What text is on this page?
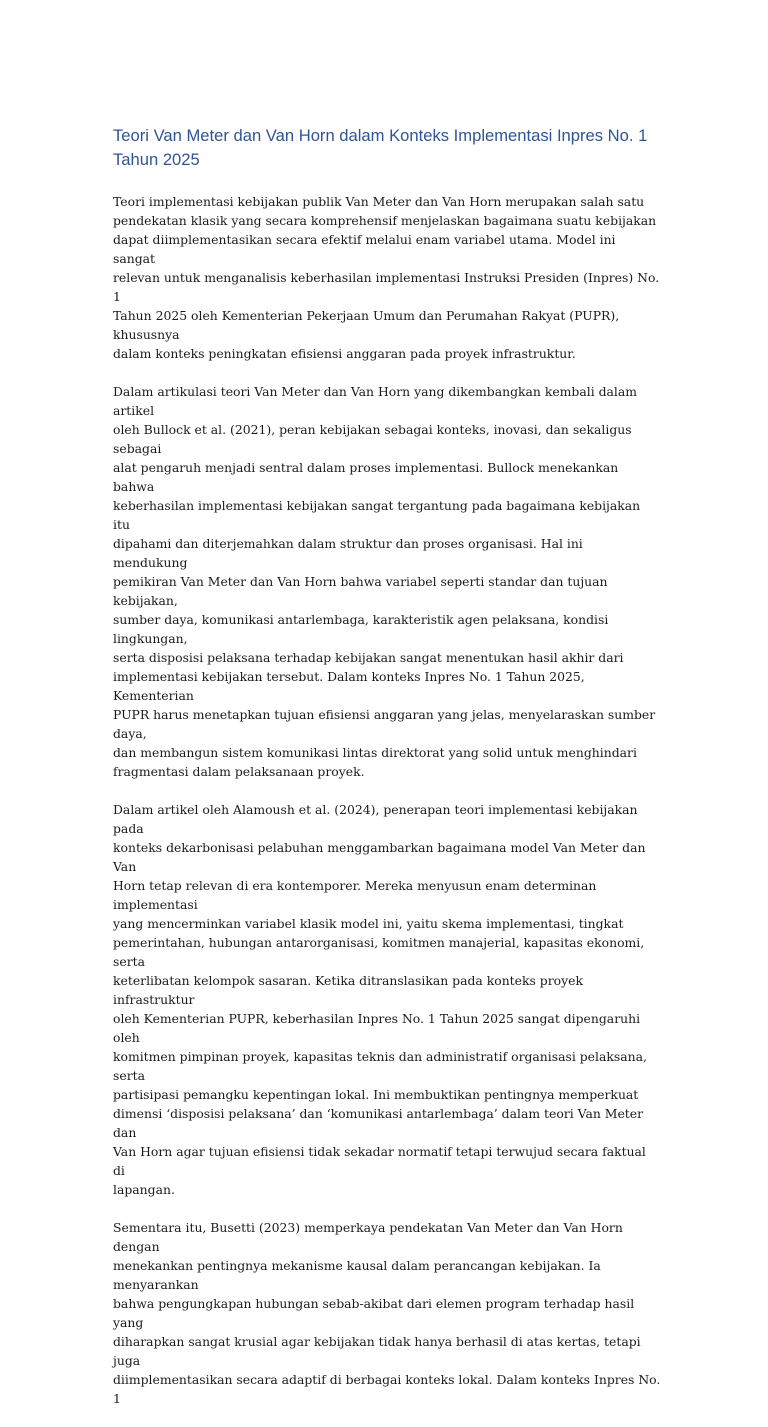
Teori Van Meter dan Van Horn dalam Konteks Implementasi Inpres No. 1 Tahun 2025

Teori implementasi kebijakan publik Van Meter dan Van Horn merupakan salah satu
pendekatan klasik yang secara komprehensif menjelaskan bagaimana suatu kebijakan
dapat diimplementasikan secara efektif melalui enam variabel utama. Model ini sangat
relevan untuk menganalisis keberhasilan implementasi Instruksi Presiden (Inpres) No. 1
Tahun 2025 oleh Kementerian Pekerjaan Umum dan Perumahan Rakyat (PUPR), khususnya
dalam konteks peningkatan efisiensi anggaran pada proyek infrastruktur.

Dalam artikulasi teori Van Meter dan Van Horn yang dikembangkan kembali dalam artikel
oleh Bullock et al. (2021), peran kebijakan sebagai konteks, inovasi, dan sekaligus sebagai
alat pengaruh menjadi sentral dalam proses implementasi. Bullock menekankan bahwa
keberhasilan implementasi kebijakan sangat tergantung pada bagaimana kebijakan itu
dipahami dan diterjemahkan dalam struktur dan proses organisasi. Hal ini mendukung
pemikiran Van Meter dan Van Horn bahwa variabel seperti standar dan tujuan kebijakan,
sumber daya, komunikasi antarlembaga, karakteristik agen pelaksana, kondisi lingkungan,
serta disposisi pelaksana terhadap kebijakan sangat menentukan hasil akhir dari
implementasi kebijakan tersebut. Dalam konteks Inpres No. 1 Tahun 2025, Kementerian
PUPR harus menetapkan tujuan efisiensi anggaran yang jelas, menyelaraskan sumber daya,
dan membangun sistem komunikasi lintas direktorat yang solid untuk menghindari
fragmentasi dalam pelaksanaan proyek.

Dalam artikel oleh Alamoush et al. (2024), penerapan teori implementasi kebijakan pada
konteks dekarbonisasi pelabuhan menggambarkan bagaimana model Van Meter dan Van
Horn tetap relevan di era kontemporer. Mereka menyusun enam determinan implementasi
yang mencerminkan variabel klasik model ini, yaitu skema implementasi, tingkat
pemerintahan, hubungan antarorganisasi, komitmen manajerial, kapasitas ekonomi, serta
keterlibatan kelompok sasaran. Ketika ditranslasikan pada konteks proyek infrastruktur
oleh Kementerian PUPR, keberhasilan Inpres No. 1 Tahun 2025 sangat dipengaruhi oleh
komitmen pimpinan proyek, kapasitas teknis dan administratif organisasi pelaksana, serta
partisipasi pemangku kepentingan lokal. Ini membuktikan pentingnya memperkuat
dimensi ‘disposisi pelaksana’ dan ‘komunikasi antarlembaga’ dalam teori Van Meter dan
Van Horn agar tujuan efisiensi tidak sekadar normatif tetapi terwujud secara faktual di
lapangan.

Sementara itu, Busetti (2023) memperkaya pendekatan Van Meter dan Van Horn dengan
menekankan pentingnya mekanisme kausal dalam perancangan kebijakan. Ia menyarankan
bahwa pengungkapan hubungan sebab-akibat dari elemen program terhadap hasil yang
diharapkan sangat krusial agar kebijakan tidak hanya berhasil di atas kertas, tetapi juga
diimplementasikan secara adaptif di berbagai konteks lokal. Dalam konteks Inpres No. 1
